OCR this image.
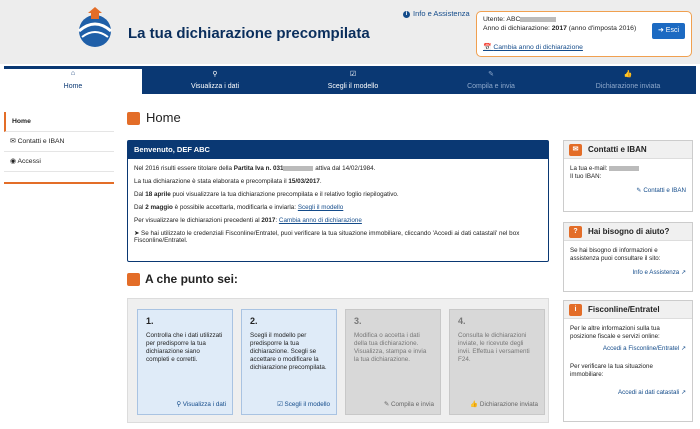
La tua dichiarazione precompilata
i Info e Assistenza
Utente: ABC
Anno di dichiarazione: 2017 (anno d'imposta 2016)
📅 Cambia anno di dichiarazione
➜ Esci
⌂
Home
⚲
Visualizza i dati
☑
Scegli il modello
✎
Compila e invia
👍
Dichiarazione inviata
Home
✉ Contatti e IBAN
◉ Accessi
Home
Benvenuto, DEF ABC

Nel 2016 risulti essere titolare della Partita Iva n. 031	attiva dal 14/02/1984.

La tua dichiarazione è stata elaborata e precompilata il 15/03/2017.

Dal 18 aprile puoi visualizzare la tua dichiarazione precompilata e il relativo foglio riepilogativo.

Dal 2 maggio è possibile accettarla, modificarla e inviarla: Scegli il modello

Per visualizzare le dichiarazioni precedenti al 2017: Cambia anno di dichiarazione

➤ Se hai utilizzato le credenziali Fisconline/Entratel, puoi verificare la tua situazione immobiliare, cliccando 'Accedi ai dati catastali' nel box Fisconline/Entratel.

A che punto sei:
1.
Controlla che i dati utilizzati per predisporre la tua dichiarazione siano completi e corretti.
⚲ Visualizza i dati
2.
Scegli il modello per predisporre la tua dichiarazione. Scegli se accettare o modificare la dichiarazione precompilata.
☑ Scegli il modello
3.
Modifica o accetta i dati della tua dichiarazione. Visualizza, stampa e invia la tua dichiarazione.
✎ Compila e invia
4.
Consulta le dichiarazioni inviate, le ricevute degli invii. Effettua i versamenti F24.
👍 Dichiarazione inviata
✉	Contatti e IBAN
La tua e-mail:
Il tuo IBAN:
✎ Contatti e IBAN
?	Hai bisogno di aiuto?
Se hai bisogno di informazioni e assistenza puoi consultare il sito:
Info e Assistenza ↗
i	Fisconline/Entratel
Per le altre informazioni sulla tua posizione fiscale e servizi online:
Accedi a Fisconline/Entratel ↗
Per verificare la tua situazione immobiliare:
Accedi ai dati catastali ↗
